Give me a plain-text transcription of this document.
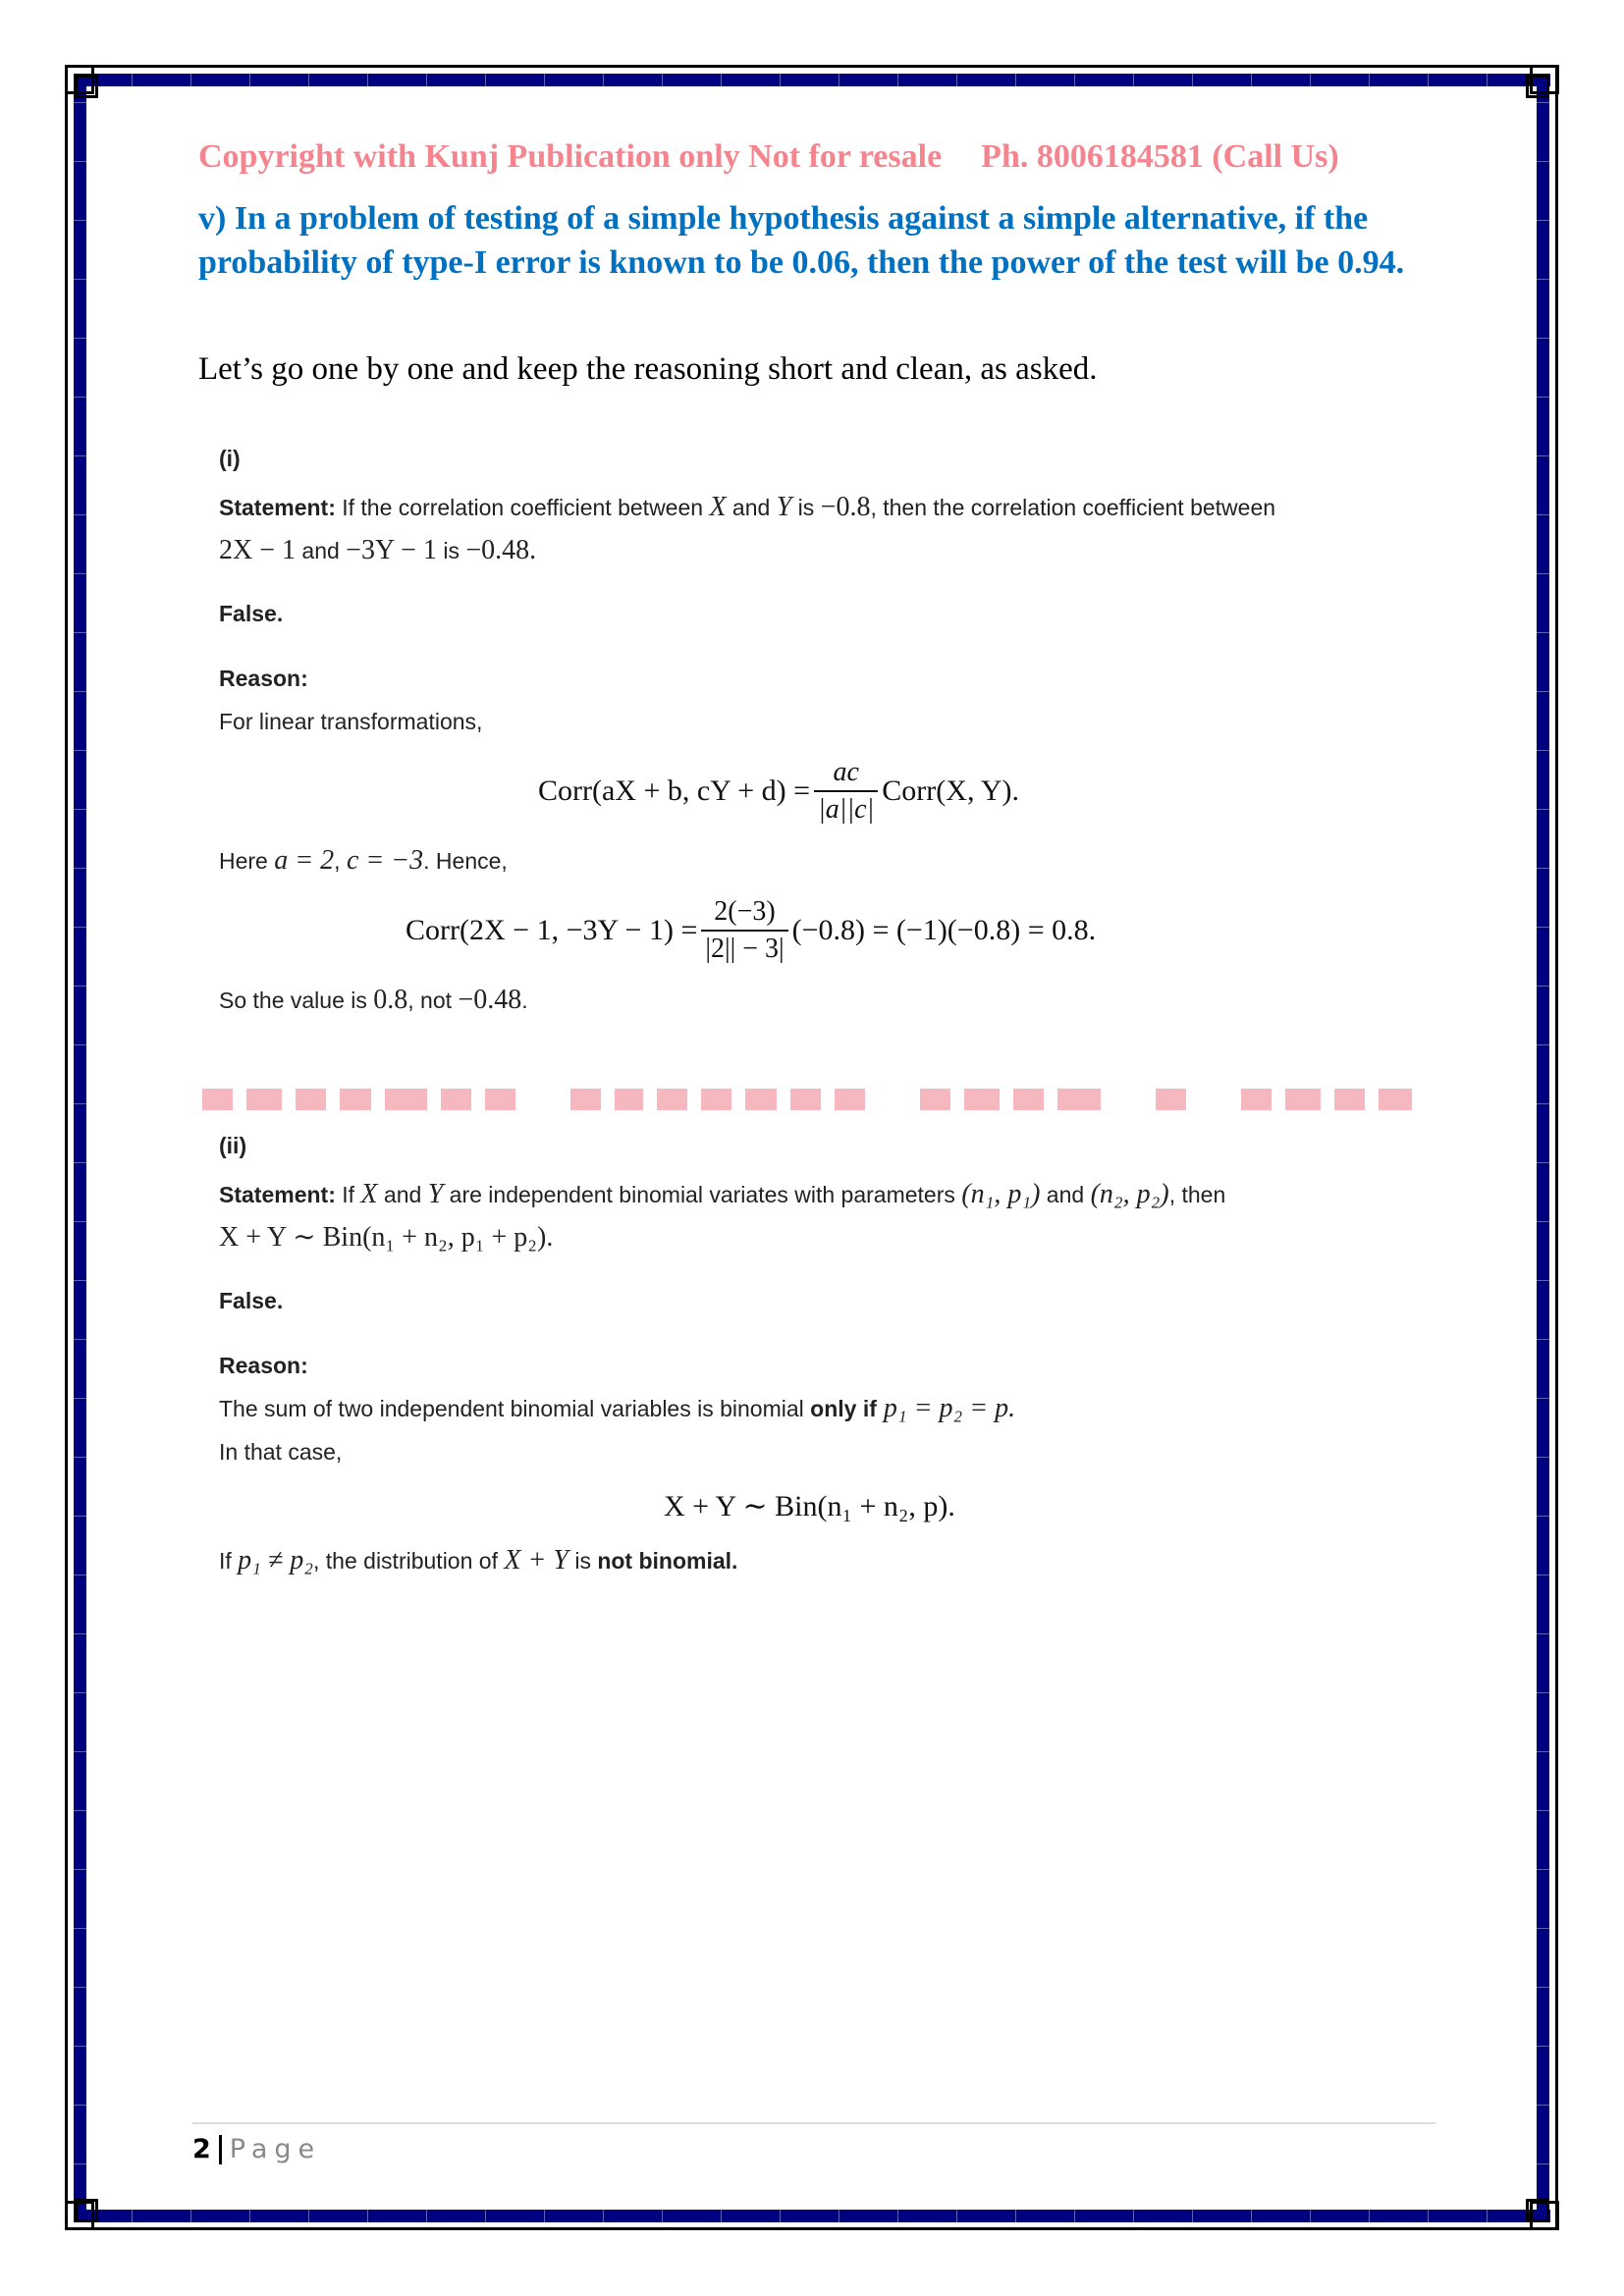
Copyright with Kunj Publication only Not for resale Ph. 8006184581 (Call Us)
v) In a problem of testing of a simple hypothesis against a simple alternative, if the probability of type-I error is known to be 0.06, then the power of the test will be 0.94.
Let’s go one by one and keep the reasoning short and clean, as asked.
(i)
Statement: If the correlation coefficient between X and Y is −0.8, then the correlation coefficient between
2X − 1 and −3Y − 1 is −0.48.
False.
Reason:
For linear transformations,
Corr(aX + b, cY + $d) = \frac{ac}{|a||c|}$ Corr(X, Y).
Here a = 2, c = −3. Hence,
Corr(2X − 1, $-3Y - 1) = \frac{2(-3)}{|2|| - 3|} (-0.8) = (-1)(-0.8) = 0.8$.
So the value is 0.8, not −0.48.
(ii)
Statement: If X and Y are independent binomial variates with parameters (n₁, p₁) and (n₂, p₂), then
X + Y ∼ Bin(n₁ + n₂, p₁ + p₂).
False.
Reason:
The sum of two independent binomial variables is binomial only if p₁ = p₂ = p.
In that case,
X + Y ∼ Bin(n₁ + n₂, p).
If p₁ ≠ p₂, the distribution of X + Y is not binomial.
2 Page
